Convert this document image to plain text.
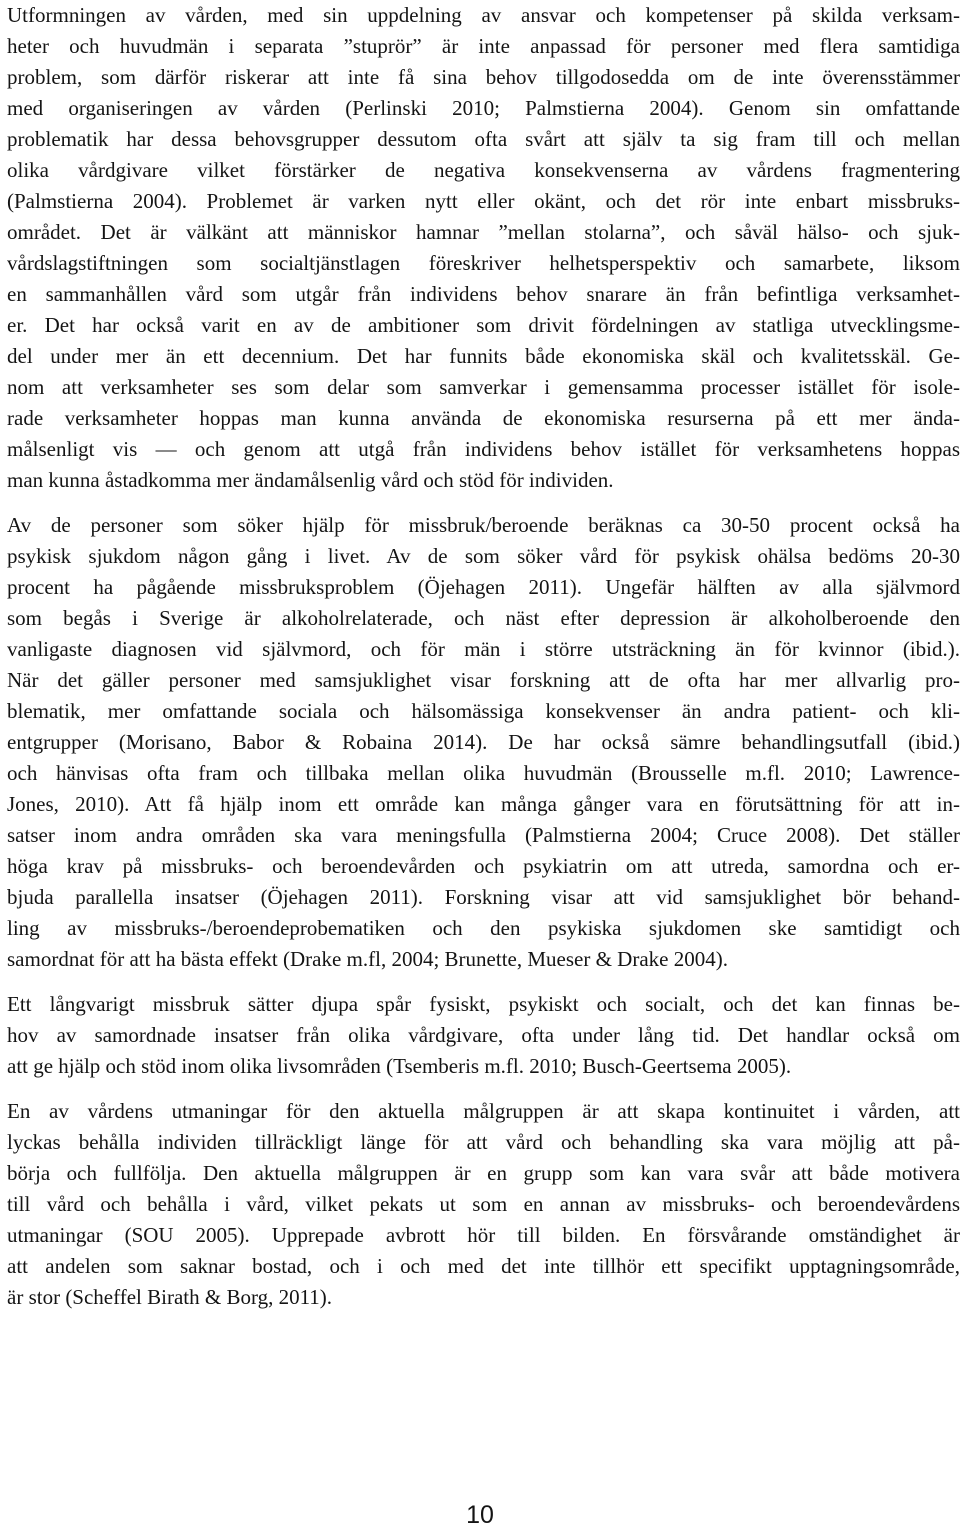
Utformningen av vården, med sin uppdelning av ansvar och kompetenser på skilda verksam-
heter och huvudmän i separata ”stuprör” är inte anpassad för personer med flera samtidiga
problem, som därför riskerar att inte få sina behov tillgodosedda om de inte överensstämmer
med organiseringen av vården (Perlinski 2010; Palmstierna 2004). Genom sin omfattande
problematik har dessa behovsgrupper dessutom ofta svårt att själv ta sig fram till och mellan
olika vårdgivare vilket förstärker de negativa konsekvenserna av vårdens fragmentering
(Palmstierna 2004). Problemet är varken nytt eller okänt, och det rör inte enbart missbruks-
området. Det är välkänt att människor hamnar ”mellan stolarna”, och såväl hälso- och sjuk-
vårdslagstiftningen som socialtjänstlagen föreskriver helhetsperspektiv och samarbete, liksom
en sammanhållen vård som utgår från individens behov snarare än från befintliga verksamhet-
er. Det har också varit en av de ambitioner som drivit fördelningen av statliga utvecklingsme-
del under mer än ett decennium. Det har funnits både ekonomiska skäl och kvalitetsskäl. Ge-
nom att verksamheter ses som delar som samverkar i gemensamma processer istället för isole-
rade verksamheter hoppas man kunna använda de ekonomiska resurserna på ett mer ända-
målsenligt vis — och genom att utgå från individens behov istället för verksamhetens hoppas
man kunna åstadkomma mer ändamålsenlig vård och stöd för individen.
Av de personer som söker hjälp för missbruk/beroende beräknas ca 30-50 procent också ha
psykisk sjukdom någon gång i livet. Av de som söker vård för psykisk ohälsa bedöms 20-30
procent ha pågående missbruksproblem (Öjehagen 2011). Ungefär hälften av alla självmord
som begås i Sverige är alkoholrelaterade, och näst efter depression är alkoholberoende den
vanligaste diagnosen vid självmord, och för män i större utsträckning än för kvinnor (ibid.).
När det gäller personer med samsjuklighet visar forskning att de ofta har mer allvarlig pro-
blematik, mer omfattande sociala och hälsomässiga konsekvenser än andra patient- och kli-
entgrupper (Morisano, Babor & Robaina 2014). De har också sämre behandlingsutfall (ibid.)
och hänvisas ofta fram och tillbaka mellan olika huvudmän (Brousselle m.fl. 2010; Lawrence-
Jones, 2010). Att få hjälp inom ett område kan många gånger vara en förutsättning för att in-
satser inom andra områden ska vara meningsfulla (Palmstierna 2004; Cruce 2008). Det ställer
höga krav på missbruks- och beroendevården och psykiatrin om att utreda, samordna och er-
bjuda parallella insatser (Öjehagen 2011). Forskning visar att vid samsjuklighet bör behand-
ling av missbruks-/beroendeprobematiken och den psykiska sjukdomen ske samtidigt och
samordnat för att ha bästa effekt (Drake m.fl, 2004; Brunette, Mueser & Drake 2004).
Ett långvarigt missbruk sätter djupa spår fysiskt, psykiskt och socialt, och det kan finnas be-
hov av samordnade insatser från olika vårdgivare, ofta under lång tid. Det handlar också om
att ge hjälp och stöd inom olika livsområden (Tsemberis m.fl. 2010; Busch-Geertsema 2005).
En av vårdens utmaningar för den aktuella målgruppen är att skapa kontinuitet i vården, att
lyckas behålla individen tillräckligt länge för att vård och behandling ska vara möjlig att på-
börja och fullfölja. Den aktuella målgruppen är en grupp som kan vara svår att både motivera
till vård och behålla i vård, vilket pekats ut som en annan av missbruks- och beroendevårdens
utmaningar (SOU 2005). Upprepade avbrott hör till bilden. En försvårande omständighet är
att andelen som saknar bostad, och i och med det inte tillhör ett specifikt upptagningsområde,
är stor (Scheffel Birath & Borg, 2011).
10
